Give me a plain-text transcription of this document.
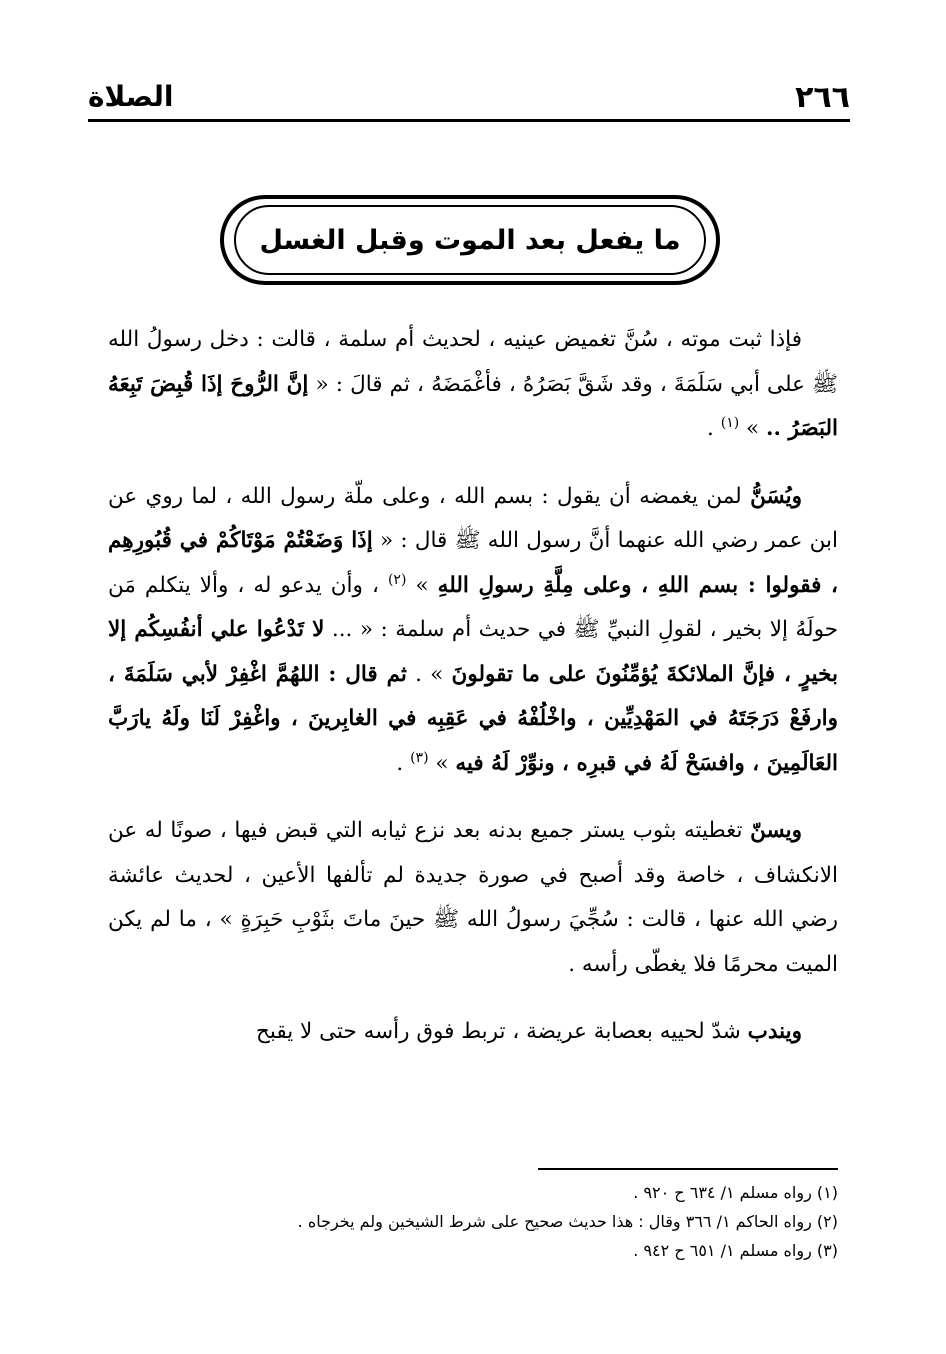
٢٦٦
الصلاة
ما يفعل بعد الموت وقبل الغسل

فإذا ثبت موته ، سُنَّ تغميض عينيه ، لحديث أم سلمة ، قالت : دخل رسولُ الله ﷺ على أبي سَلَمَةَ ، وقد شَقَّ بَصَرُهُ ، فأغْمَضَهُ ، ثم قالَ : « إنَّ الرُّوحَ إذَا قُبِضَ تَبِعَهُ البَصَرُ .. » $^{(١)}$ .

ويُسَنُّ لمن يغمضه أن يقول : بسم الله ، وعلى ملّة رسول الله ، لما روي عن ابن عمر رضي الله عنهما أنَّ رسول الله ﷺ قال : « إذَا وَضَعْتُمْ مَوْتَاكُمْ في قُبُورِهِم ، فقولوا : بسم اللهِ ، وعلى مِلَّةِ رسولِ اللهِ » $^{(٢)}$ ، وأن يدعو له ، وألا يتكلم مَن حولَهُ إلا بخير ، لقولِ النبيِّ ﷺ في حديث أم سلمة : « ... لا تَدْعُوا علي أنفُسِكُم إلا بخيرٍ ، فإنَّ الملائكةَ يُؤمِّنُونَ على ما تقولونَ » . ثم قال : اللهُمَّ اغْفِرْ لأبي سَلَمَةَ ، وارفَعْ دَرَجَتَهُ في المَهْدِيِّين ، واخْلُفْهُ في عَقِبِه في الغابِرينَ ، واغْفِرْ لَنَا ولَهُ يارَبَّ العَالَمِينَ ، وافسَحْ لَهُ في قبرِه ، ونوِّرْ لَهُ فيه » $^{(٣)}$ .

ويسنّ تغطيته بثوب يستر جميع بدنه بعد نزع ثيابه التي قبض فيها ، صونًا له عن الانكشاف ، خاصة وقد أصبح في صورة جديدة لم تألفها الأعين ، لحديث عائشة رضي الله عنها ، قالت : سُجِّيَ رسولُ الله ﷺ حينَ ماتَ بثَوْبِ حَبِرَةٍ » ، ما لم يكن الميت محرمًا فلا يغطّى رأسه .

ويندب شدّ لحييه بعصابة عريضة ، تربط فوق رأسه حتى لا يقبح

(١) رواه مسلم ١/ ٦٣٤ ح ٩٢٠ .
(٢) رواه الحاكم ١/ ٣٦٦ وقال : هذا حديث صحيح على شرط الشيخين ولم يخرجاه .
(٣) رواه مسلم ١/ ٦٥١ ح ٩٤٢ .
